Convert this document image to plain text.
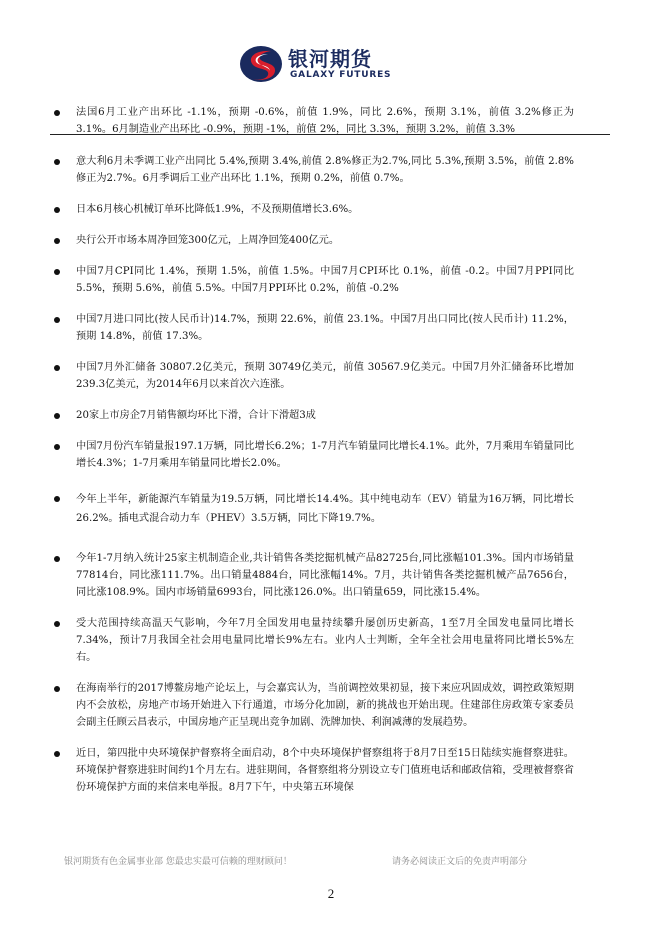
银河期货
GALAXY FUTURES
法国6月工业产出环比 -1.1%，预期 -0.6%，前值 1.9%，同比 2.6%，预期 3.1%，前值 3.2%修正为3.1%。6月制造业产出环比 -0.9%，预期 -1%，前值 2%，同比 3.3%，预期 3.2%，前值 3.3%
意大利6月未季调工业产出同比 5.4%,预期 3.4%,前值 2.8%修正为2.7%,同比 5.3%,预期 3.5%，前值 2.8%修正为2.7%。6月季调后工业产出环比 1.1%，预期 0.2%，前值 0.7%。
日本6月核心机械订单环比降低1.9%，不及预期值增长3.6%。
央行公开市场本周净回笼300亿元，上周净回笼400亿元。
中国7月CPI同比 1.4%，预期 1.5%，前值 1.5%。中国7月CPI环比 0.1%，前值 -0.2。中国7月PPI同比 5.5%，预期 5.6%，前值 5.5%。中国7月PPI环比 0.2%，前值 -0.2%
中国7月进口同比(按人民币计)14.7%，预期 22.6%，前值 23.1%。中国7月出口同比(按人民币计) 11.2%，预期 14.8%，前值 17.3%。
中国7月外汇储备 30807.2亿美元，预期 30749亿美元，前值 30567.9亿美元。中国7月外汇储备环比增加 239.3亿美元，为2014年6月以来首次六连涨。
20家上市房企7月销售额均环比下滑，合计下滑超3成
中国7月份汽车销量报197.1万辆，同比增长6.2%；1-7月汽车销量同比增长4.1%。此外，7月乘用车销量同比增长4.3%；1-7月乘用车销量同比增长2.0%。
今年上半年，新能源汽车销量为19.5万辆，同比增长14.4%。其中纯电动车（EV）销量为16万辆，同比增长26.2%。插电式混合动力车（PHEV）3.5万辆，同比下降19.7%。
今年1-7月纳入统计25家主机制造企业,共计销售各类挖掘机械产品82725台,同比涨幅101.3%。国内市场销量77814台，同比涨111.7%。出口销量4884台，同比涨幅14%。7月，共计销售各类挖掘机械产品7656台，同比涨108.9%。国内市场销量6993台，同比涨126.0%。出口销量659，同比涨15.4%。
受大范围持续高温天气影响，今年7月全国发用电量持续攀升屡创历史新高，1至7月全国发电量同比增长7.34%，预计7月我国全社会用电量同比增长9%左右。业内人士判断，全年全社会用电量将同比增长5%左右。
在海南举行的2017博鳌房地产论坛上，与会嘉宾认为，当前调控效果初显，接下来应巩固成效，调控政策短期内不会放松，房地产市场开始进入下行通道，市场分化加剧，新的挑战也开始出现。住建部住房政策专家委员会副主任顾云昌表示，中国房地产正呈现出竞争加剧、洗牌加快、利润减薄的发展趋势。
近日，第四批中央环境保护督察将全面启动，8个中央环境保护督察组将于8月7日至15日陆续实施督察进驻。环境保护督察进驻时间约1个月左右。进驻期间，各督察组将分别设立专门值班电话和邮政信箱，受理被督察省份环境保护方面的来信来电举报。8月7下午，中央第五环境保
银河期货有色金属事业部 您最忠实最可信赖的理财顾问！	请务必阅读正文后的免责声明部分
2
